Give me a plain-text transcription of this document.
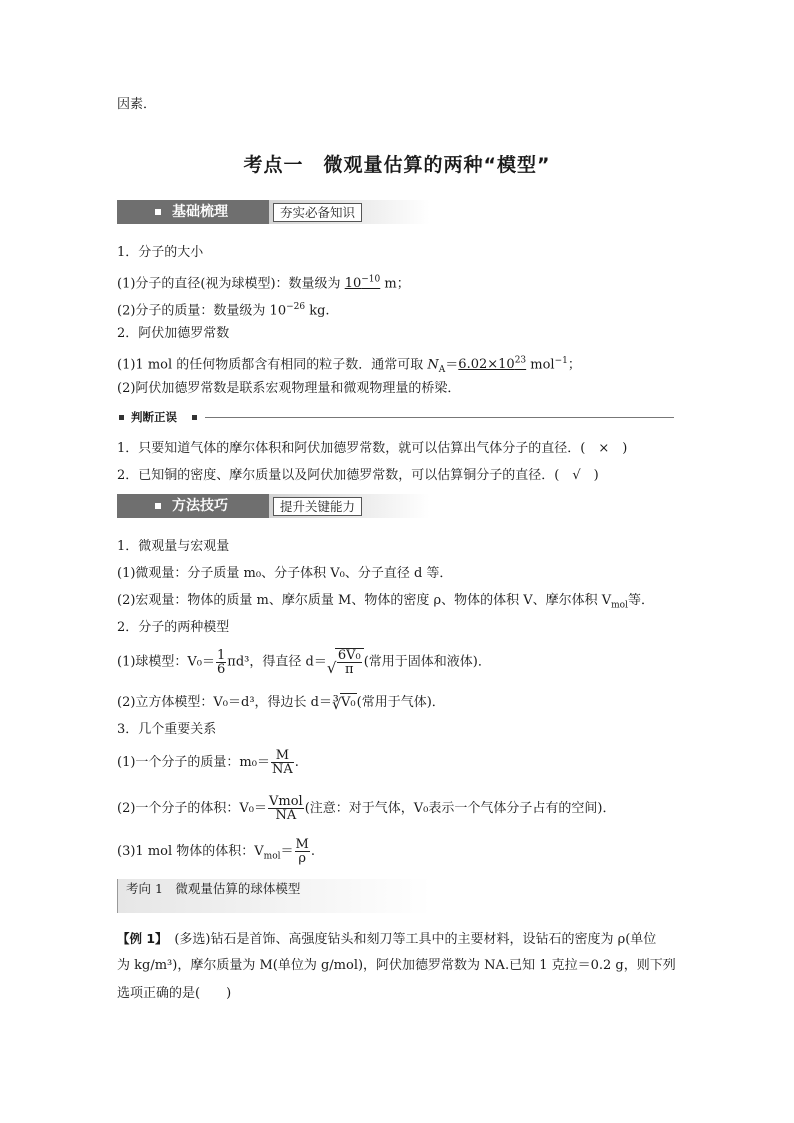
因素．
考点一　微观量估算的两种“模型”
基础梳理	夯实必备知识
1．分子的大小
(1)分子的直径(视为球模型)：数量级为 $10^{-10}$ m；
(2)分子的质量：数量级为 $10^{-26}$ kg.
2．阿伏加德罗常数
(1)1 mol 的任何物质都含有相同的粒子数．通常可取 $N_A=6.02\times 10^{23}$ mol$^{-1}$；
(2)阿伏加德罗常数是联系宏观物理量和微观物理量的桥梁．
判断正误
1．只要知道气体的摩尔体积和阿伏加德罗常数，就可以估算出气体分子的直径．(　×　)
2．已知铜的密度、摩尔质量以及阿伏加德罗常数，可以估算铜分子的直径．(　√　)
方法技巧	提升关键能力
1．微观量与宏观量
(1)微观量：分子质量 m₀、分子体积 V₀、分子直径 d 等．
(2)宏观量：物体的质量 m、摩尔质量 M、物体的密度 ρ、物体的体积 V、摩尔体积 $V_{mol}$等．
2．分子的两种模型
(1)球模型：$V_0= \frac{1}{6} \pi d^3$，得直径 d＝ √ $\frac{\text{6V₀}}{\pi}$ (常用于固体和液体)．
(2)立方体模型：V₀＝d³，得边长 d＝ ∛ V₀(常用于气体)．
3．几个重要关系
(1)一个分子的质量：$m_0= \frac{M}{NA}$ .
(2)一个分子的体积：$V_0= \frac{\text{Vmol}}{NA}$ (注意：对于气体，V₀表示一个气体分子占有的空间)．
(3)1 mol 物体的体积：$V_{mol}= \frac{M}{\rho}$ .
考向 1　微观量估算的球体模型
【例 1】　(多选)钻石是首饰、高强度钻头和刻刀等工具中的主要材料，设钻石的密度为 ρ(单位
为 kg/m³)，摩尔质量为 M(单位为 g/mol)，阿伏加德罗常数为 NA.已知 1 克拉＝0.2 g，则下列
选项正确的是(　　)
